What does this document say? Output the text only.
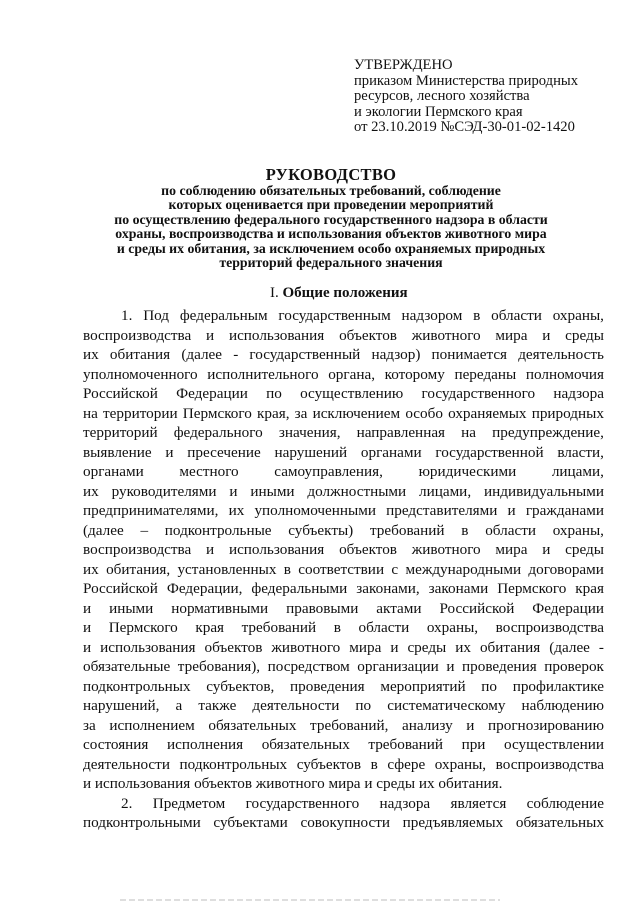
УТВЕРЖДЕНО
приказом Министерства природных
ресурсов, лесного хозяйства
и экологии Пермского края
от 23.10.2019 №СЭД-30-01-02-1420
РУКОВОДСТВО
по соблюдению обязательных требований, соблюдение
которых оценивается при проведении мероприятий
по осуществлению федерального государственного надзора в области
охраны, воспроизводства и использования объектов животного мира
и среды их обитания, за исключением особо охраняемых природных
территорий федерального значения
I. Общие положения
1. Под федеральным государственным надзором в области охраны,
воспроизводства и использования объектов животного мира и среды
их обитания (далее - государственный надзор) понимается деятельность
уполномоченного исполнительного органа, которому переданы полномочия
Российской Федерации по осуществлению государственного надзора
на территории Пермского края, за исключением особо охраняемых природных
территорий федерального значения, направленная на предупреждение,
выявление и пресечение нарушений органами государственной власти,
органами местного самоуправления, юридическими лицами,
их руководителями и иными должностными лицами, индивидуальными
предпринимателями, их уполномоченными представителями и гражданами
(далее – подконтрольные субъекты) требований в области охраны,
воспроизводства и использования объектов животного мира и среды
их обитания, установленных в соответствии с международными договорами
Российской Федерации, федеральными законами, законами Пермского края
и иными нормативными правовыми актами Российской Федерации
и Пермского края требований в области охраны, воспроизводства
и использования объектов животного мира и среды их обитания (далее -
обязательные требования), посредством организации и проведения проверок
подконтрольных субъектов, проведения мероприятий по профилактике
нарушений, а также деятельности по систематическому наблюдению
за исполнением обязательных требований, анализу и прогнозированию
состояния исполнения обязательных требований при осуществлении
деятельности подконтрольных субъектов в сфере охраны, воспроизводства
и использования объектов животного мира и среды их обитания.
2. Предметом государственного надзора является соблюдение
подконтрольными субъектами совокупности предъявляемых обязательных
